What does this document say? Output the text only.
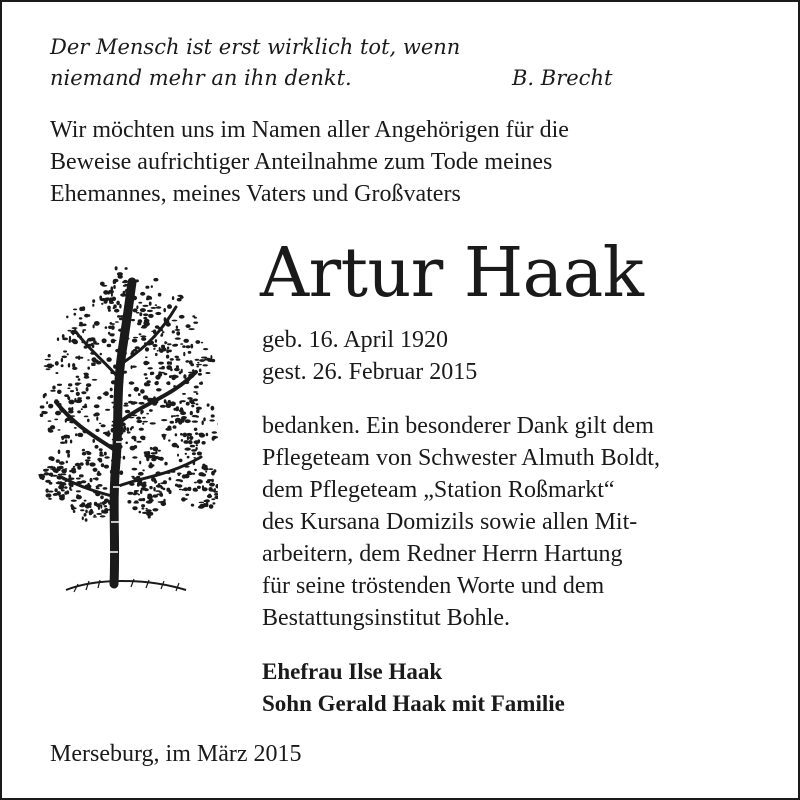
Der Mensch ist erst wirklich tot, wenn
niemand mehr an ihn denkt.	B. Brecht
Wir möchten uns im Namen aller Angehörigen für die
Beweise aufrichtiger Anteilnahme zum Tode meines
Ehemannes, meines Vaters und Großvaters
Artur Haak
geb. 16. April 1920
gest. 26. Februar 2015
bedanken. Ein besonderer Dank gilt dem
Pflegeteam von Schwester Almuth Boldt,
dem Pflegeteam „Station Roßmarkt“
des Kursana Domizils sowie allen Mit-
arbeitern, dem Redner Herrn Hartung
für seine tröstenden Worte und dem
Bestattungsinstitut Bohle.
Ehefrau Ilse Haak
Sohn Gerald Haak mit Familie
Merseburg, im März 2015
